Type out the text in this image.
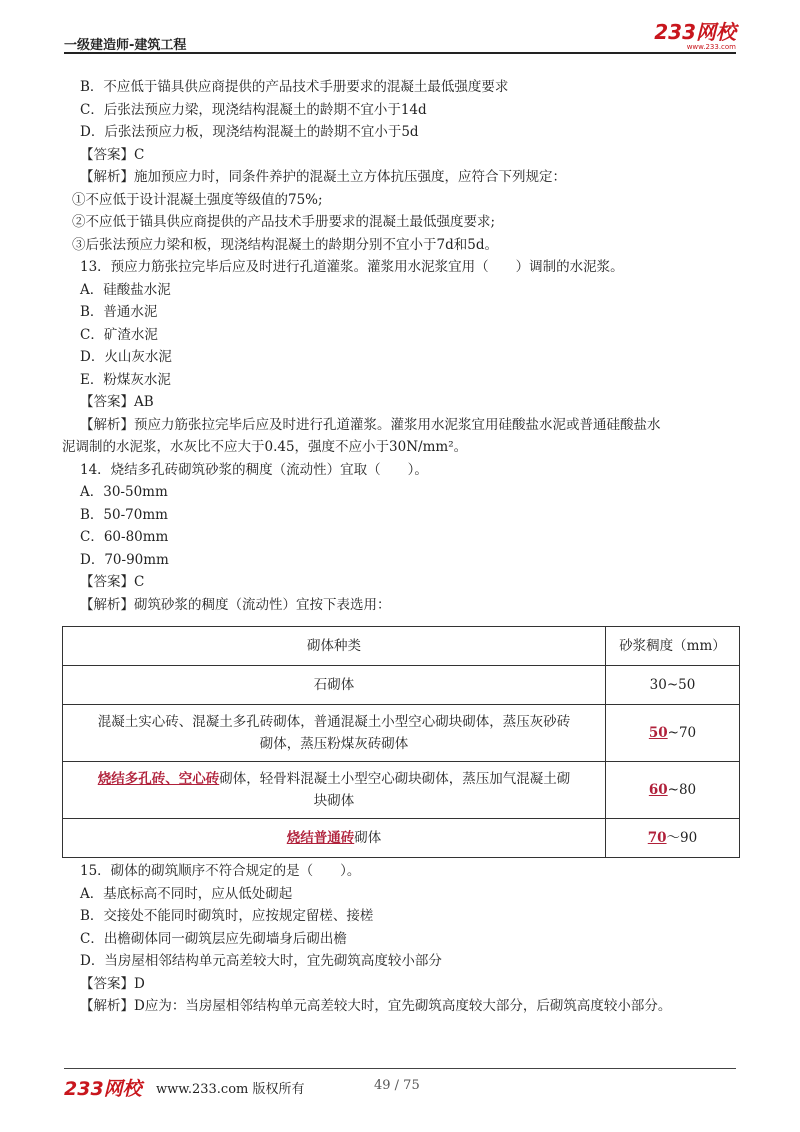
一级建造师-建筑工程
233网校
www.233.com
B．不应低于锚具供应商提供的产品技术手册要求的混凝土最低强度要求
C．后张法预应力梁，现浇结构混凝土的龄期不宜小于14d
D．后张法预应力板，现浇结构混凝土的龄期不宜小于5d
【答案】C
【解析】施加预应力时，同条件养护的混凝土立方体抗压强度，应符合下列规定：
①不应低于设计混凝土强度等级值的75%;
②不应低于锚具供应商提供的产品技术手册要求的混凝土最低强度要求;
③后张法预应力梁和板，现浇结构混凝土的龄期分别不宜小于7d和5d。
13．预应力筋张拉完毕后应及时进行孔道灌浆。灌浆用水泥浆宜用（　　）调制的水泥浆。
A．硅酸盐水泥
B．普通水泥
C．矿渣水泥
D．火山灰水泥
E．粉煤灰水泥
【答案】AB
【解析】预应力筋张拉完毕后应及时进行孔道灌浆。灌浆用水泥浆宜用硅酸盐水泥或普通硅酸盐水
泥调制的水泥浆，水灰比不应大于0.45，强度不应小于30N/mm²。
14．烧结多孔砖砌筑砂浆的稠度（流动性）宜取（　　）。
A．30-50mm
B．50-70mm
C．60-80mm
D．70-90mm
【答案】C
【解析】砌筑砂浆的稠度（流动性）宜按下表选用：
砌体种类	砂浆稠度（mm）
石砌体	30~50
混凝土实心砖、混凝土多孔砖砌体，普通混凝土小型空心砌块砌体，蒸压灰砂砖
砌体，蒸压粉煤灰砖砌体	50~70
烧结多孔砖、空心砖砌体，轻骨料混凝土小型空心砌块砌体，蒸压加气混凝土砌
块砌体	60~80
烧结普通砖砌体	70～90
15．砌体的砌筑顺序不符合规定的是（　　）。
A．基底标高不同时，应从低处砌起
B．交接处不能同时砌筑时，应按规定留槎、接槎
C．出檐砌体同一砌筑层应先砌墙身后砌出檐
D．当房屋相邻结构单元高差较大时，宜先砌筑高度较小部分
【答案】D
【解析】D应为：当房屋相邻结构单元高差较大时，宜先砌筑高度较大部分，后砌筑高度较小部分。
233网校 www.233.com 版权所有	49 / 75
